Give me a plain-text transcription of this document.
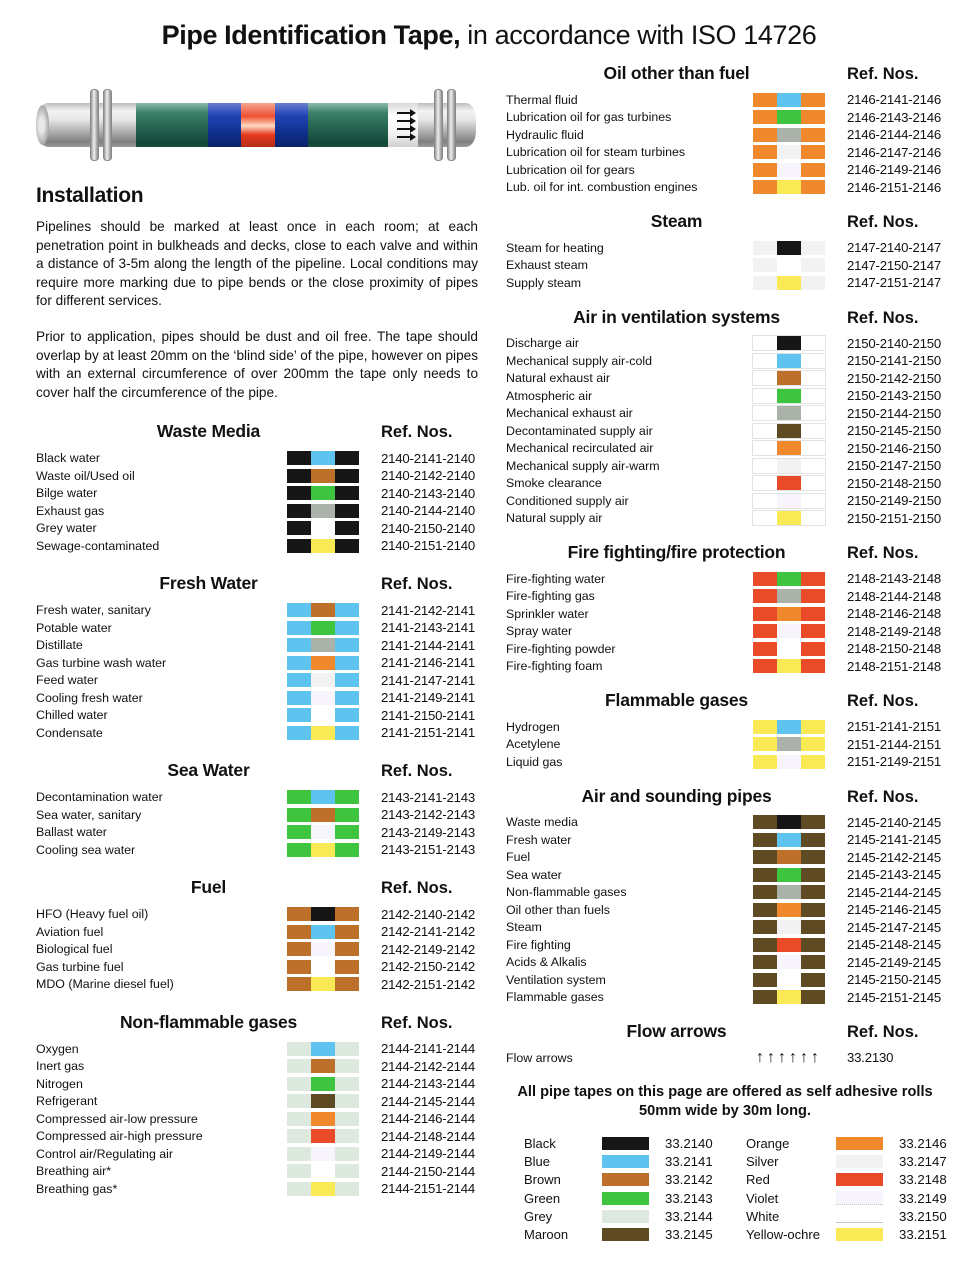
Pipe Identification Tape, in accordance with ISO 14726
Installation

Pipelines should be marked at least once in each room; at each penetration point in bulkheads and decks, close to each valve and within a distance of 3-5m along the length of the pipeline. Local conditions may require more marking due to pipe bends or the close proximity of pipes for different services.

Prior to application, pipes should be dust and oil free. The tape should overlap by at least 20mm on the ‘blind side’ of the pipe, however on pipes with an external circumference of over 200mm the tape only needs to cover half the circumference of the pipe.

Waste Media	Ref. Nos.
Black water	2140-2141-2140
Waste oil/Used oil	2140-2142-2140
Bilge water	2140-2143-2140
Exhaust gas	2140-2144-2140
Grey water	2140-2150-2140
Sewage-contaminated	2140-2151-2140
Fresh Water	Ref. Nos.
Fresh water, sanitary	2141-2142-2141
Potable water	2141-2143-2141
Distillate	2141-2144-2141
Gas turbine wash water	2141-2146-2141
Feed water	2141-2147-2141
Cooling fresh water	2141-2149-2141
Chilled water	2141-2150-2141
Condensate	2141-2151-2141
Sea Water	Ref. Nos.
Decontamination water	2143-2141-2143
Sea water, sanitary	2143-2142-2143
Ballast water	2143-2149-2143
Cooling sea water	2143-2151-2143
Fuel	Ref. Nos.
HFO (Heavy fuel oil)	2142-2140-2142
Aviation fuel	2142-2141-2142
Biological fuel	2142-2149-2142
Gas turbine fuel	2142-2150-2142
MDO (Marine diesel fuel)	2142-2151-2142
Non-flammable gases	Ref. Nos.
Oxygen	2144-2141-2144
Inert gas	2144-2142-2144
Nitrogen	2144-2143-2144
Refrigerant	2144-2145-2144
Compressed air-low pressure	2144-2146-2144
Compressed air-high pressure	2144-2148-2144
Control air/Regulating air	2144-2149-2144
Breathing air*	2144-2150-2144
Breathing gas*	2144-2151-2144
Oil other than fuel	Ref. Nos.
Thermal fluid	2146-2141-2146
Lubrication oil for gas turbines	2146-2143-2146
Hydraulic fluid	2146-2144-2146
Lubrication oil for steam turbines	2146-2147-2146
Lubrication oil for gears	2146-2149-2146
Lub. oil for int. combustion engines	2146-2151-2146
Steam	Ref. Nos.
Steam for heating	2147-2140-2147
Exhaust steam	2147-2150-2147
Supply steam	2147-2151-2147
Air in ventilation systems	Ref. Nos.
Discharge air	2150-2140-2150
Mechanical supply air-cold	2150-2141-2150
Natural exhaust air	2150-2142-2150
Atmospheric air	2150-2143-2150
Mechanical exhaust air	2150-2144-2150
Decontaminated supply air	2150-2145-2150
Mechanical recirculated air	2150-2146-2150
Mechanical supply air-warm	2150-2147-2150
Smoke clearance	2150-2148-2150
Conditioned supply air	2150-2149-2150
Natural supply air	2150-2151-2150
Fire fighting/fire protection	Ref. Nos.
Fire-fighting water	2148-2143-2148
Fire-fighting gas	2148-2144-2148
Sprinkler water	2148-2146-2148
Spray water	2148-2149-2148
Fire-fighting powder	2148-2150-2148
Fire-fighting foam	2148-2151-2148
Flammable gases	Ref. Nos.
Hydrogen	2151-2141-2151
Acetylene	2151-2144-2151
Liquid gas	2151-2149-2151
Air and sounding pipes	Ref. Nos.
Waste media	2145-2140-2145
Fresh water	2145-2141-2145
Fuel	2145-2142-2145
Sea water	2145-2143-2145
Non-flammable gases	2145-2144-2145
Oil other than fuels	2145-2146-2145
Steam	2145-2147-2145
Fire fighting	2145-2148-2145
Acids & Alkalis	2145-2149-2145
Ventilation system	2145-2150-2145
Flammable gases	2145-2151-2145
Flow arrows	Ref. Nos.
Flow arrows	↑↑↑↑↑↑ 33.2130
All pipe tapes on this page are offered as self adhesive rolls
50mm wide by 30m long.
Black	33.2140
Blue	33.2141
Brown	33.2142
Green	33.2143
Grey	33.2144
Maroon	33.2145
Orange	33.2146
Silver	33.2147
Red	33.2148
Violet	33.2149
White	33.2150
Yellow-ochre	33.2151
